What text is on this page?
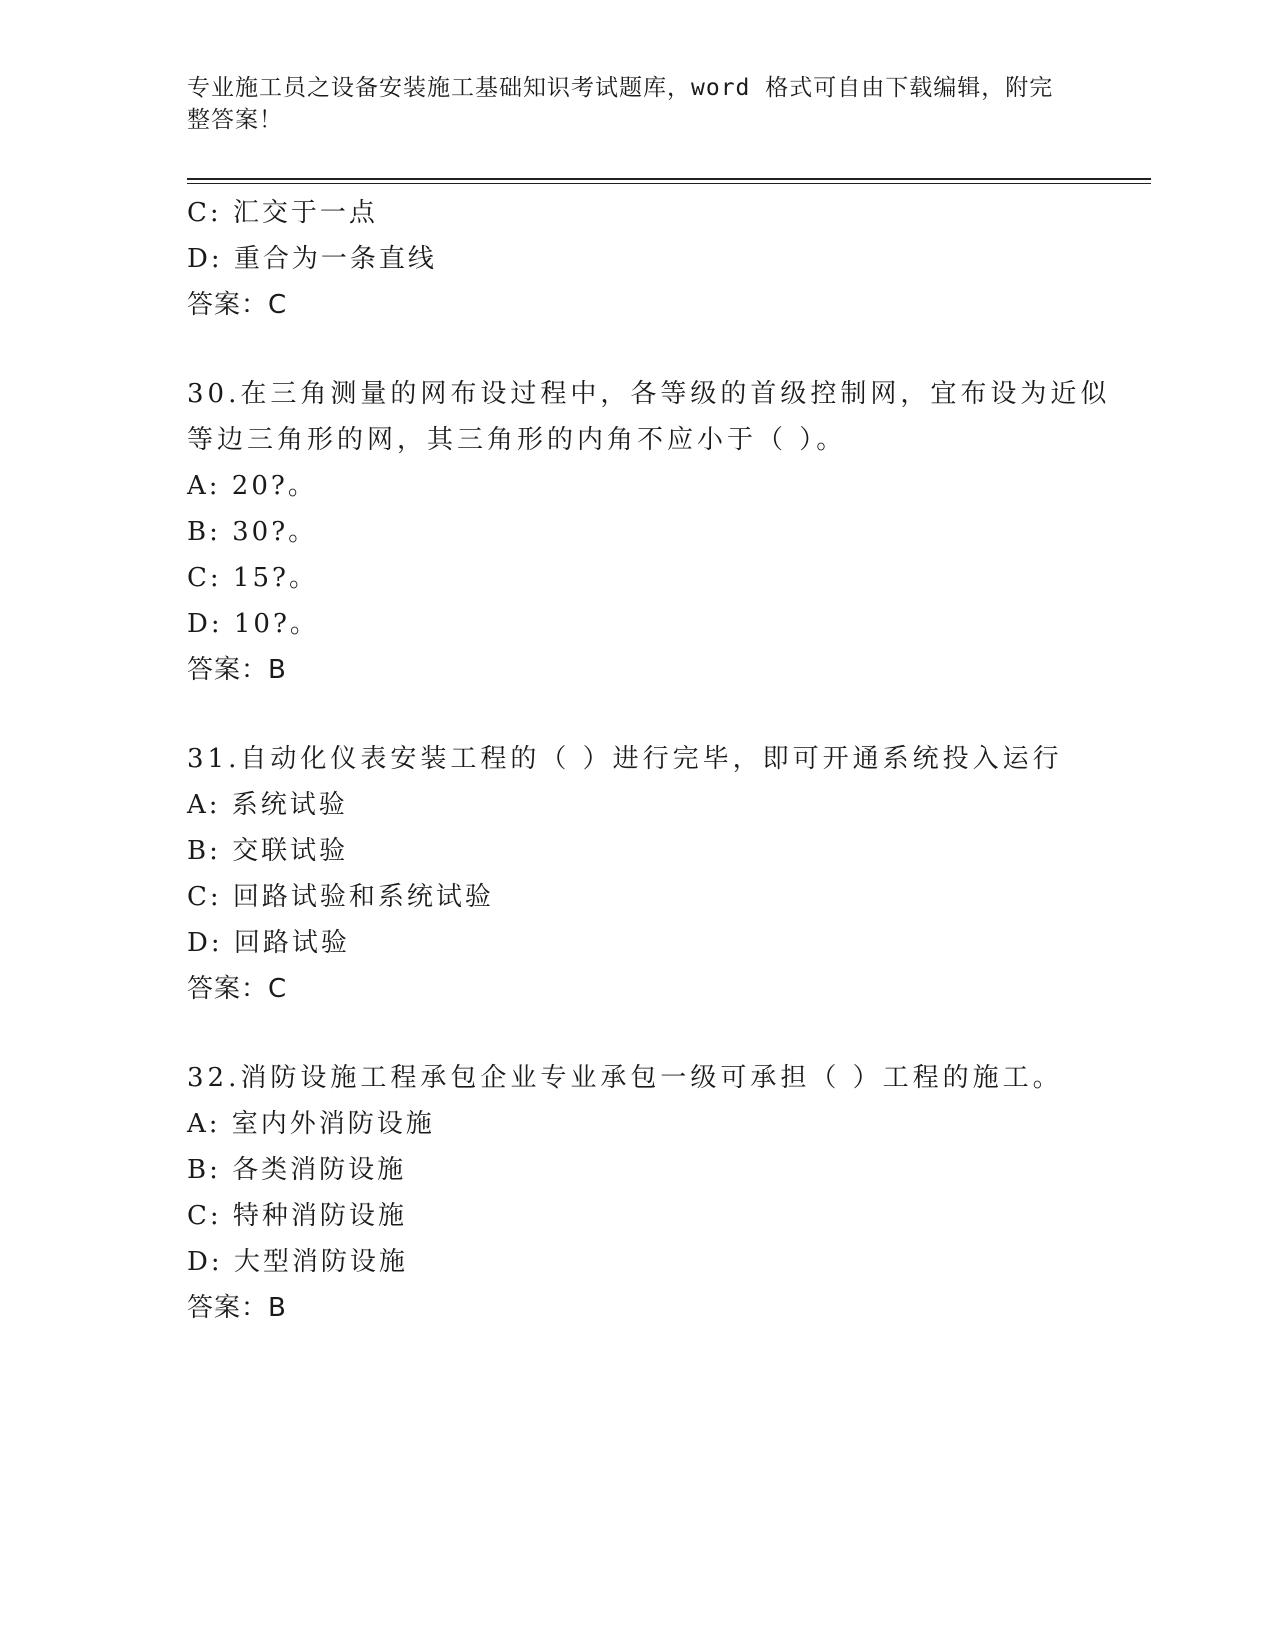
专业施工员之设备安装施工基础知识考试题库，word 格式可自由下载编辑，附完
整答案！
C: 汇交于一点
D: 重合为一条直线
答案：C
30.在三角测量的网布设过程中，各等级的首级控制网，宜布设为近似
等边三角形的网，其三角形的内角不应小于（ ）。
A: 20?。
B: 30?。
C: 15?。
D: 10?。
答案：B
31.自动化仪表安装工程的（ ）进行完毕，即可开通系统投入运行
A: 系统试验
B: 交联试验
C: 回路试验和系统试验
D: 回路试验
答案：C
32.消防设施工程承包企业专业承包一级可承担（ ）工程的施工。
A: 室内外消防设施
B: 各类消防设施
C: 特种消防设施
D: 大型消防设施
答案：B
